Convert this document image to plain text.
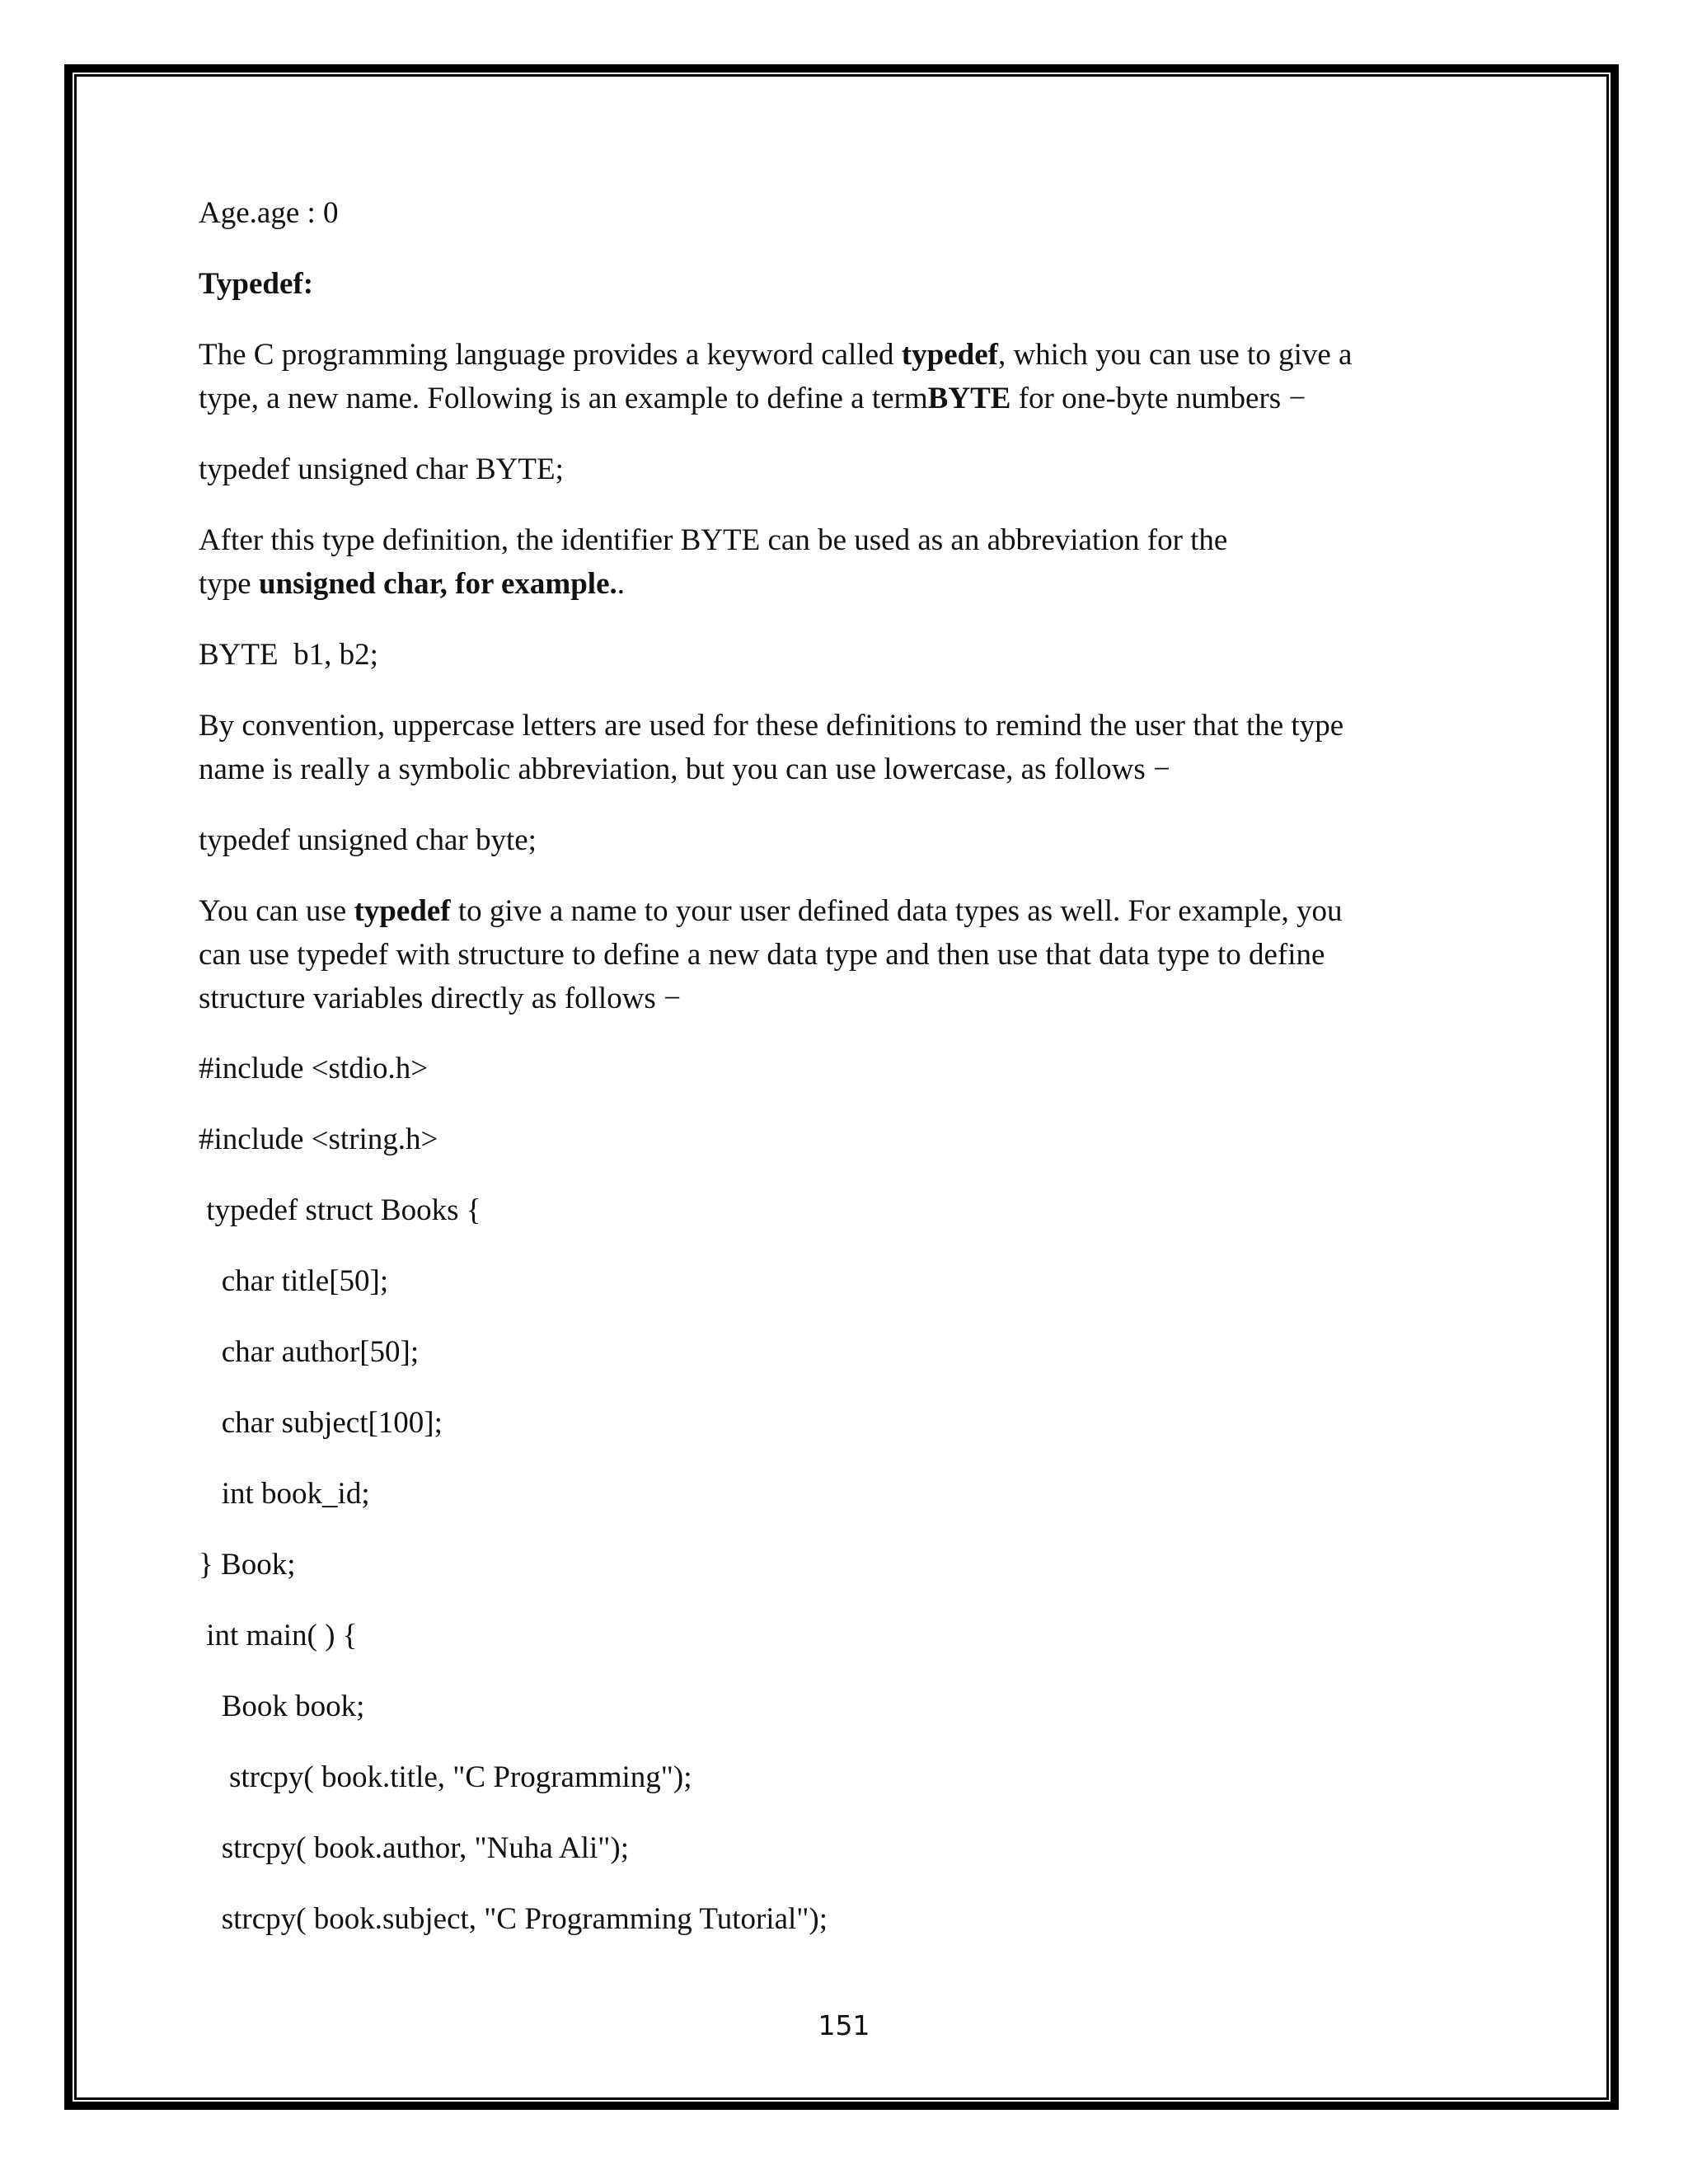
Age.age : 0
Typedef:
The C programming language provides a keyword called typedef, which you can use to give a
type, a new name. Following is an example to define a termBYTE for one-byte numbers −
typedef unsigned char BYTE;
After this type definition, the identifier BYTE can be used as an abbreviation for the
type unsigned char, for example..
BYTE  b1, b2;
By convention, uppercase letters are used for these definitions to remind the user that the type
name is really a symbolic abbreviation, but you can use lowercase, as follows −
typedef unsigned char byte;
You can use typedef to give a name to your user defined data types as well. For example, you
can use typedef with structure to define a new data type and then use that data type to define
structure variables directly as follows −
#include <stdio.h>
#include <string.h>
typedef struct Books {
char title[50];
char author[50];
char subject[100];
int book_id;
} Book;
int main( ) {
Book book;
strcpy( book.title, "C Programming");
strcpy( book.author, "Nuha Ali");
strcpy( book.subject, "C Programming Tutorial");
151
